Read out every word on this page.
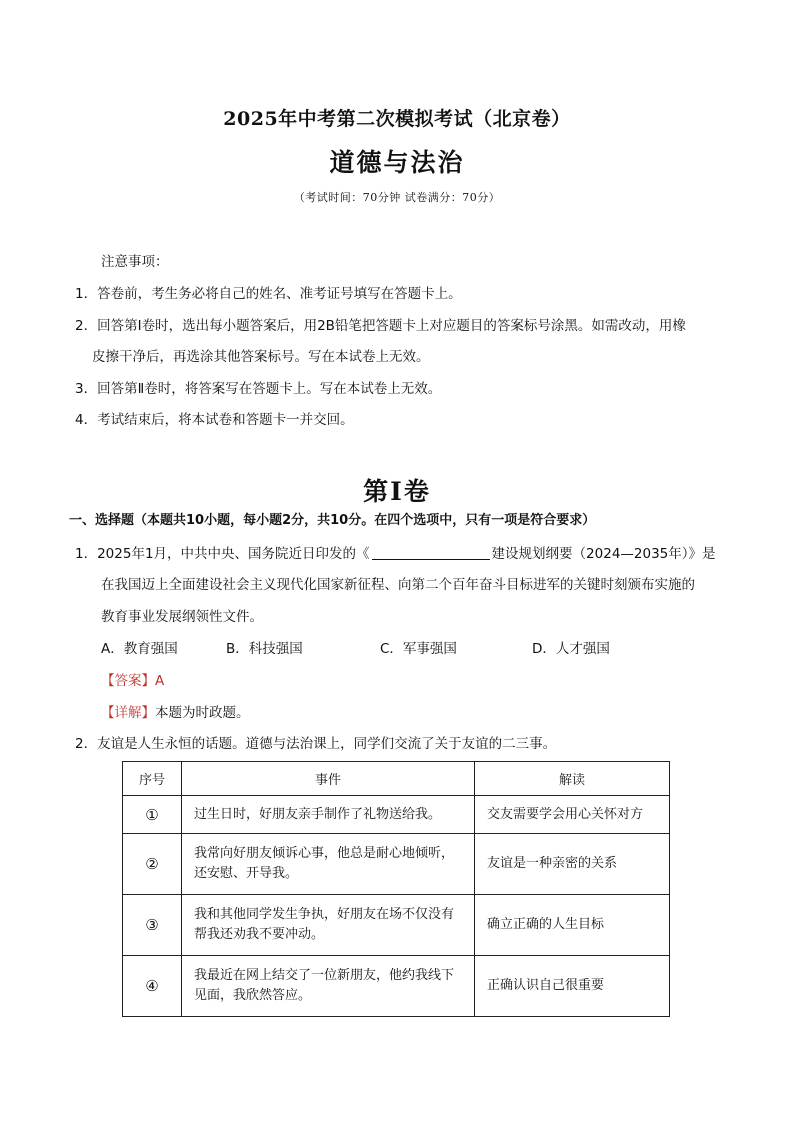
2025年中考第二次模拟考试（北京卷）
道德与法治
（考试时间：70分钟 试卷满分：70分）
注意事项：
1．答卷前，考生务必将自己的姓名、准考证号填写在答题卡上。
2．回答第Ⅰ卷时，选出每小题答案后，用2B铅笔把答题卡上对应题目的答案标号涂黑。如需改动，用橡
皮擦干净后，再选涂其他答案标号。写在本试卷上无效。
3．回答第Ⅱ卷时，将答案写在答题卡上。写在本试卷上无效。
4．考试结束后，将本试卷和答题卡一并交回。
第Ⅰ卷
一、选择题（本题共10小题，每小题2分，共10分。在四个选项中，只有一项是符合要求）
1．2025年1月，中共中央、国务院近日印发的《	建设规划纲要（2024—2035年）》是
在我国迈上全面建设社会主义现代化国家新征程、向第二个百年奋斗目标进军的关键时刻颁布实施的
教育事业发展纲领性文件。
A．教育强国	B．科技强国	C．军事强国	D．人才强国
【答案】A
【详解】本题为时政题。
2．友谊是人生永恒的话题。道德与法治课上，同学们交流了关于友谊的二三事。
序号	事件	解读
①	过生日时，好朋友亲手制作了礼物送给我。	交友需要学会用心关怀对方
②	我常向好朋友倾诉心事，他总是耐心地倾听，还安慰、开导我。	友谊是一种亲密的关系
③	我和其他同学发生争执，好朋友在场不仅没有帮我还劝我不要冲动。	确立正确的人生目标
④	我最近在网上结交了一位新朋友，他约我线下见面，我欣然答应。	正确认识自己很重要
